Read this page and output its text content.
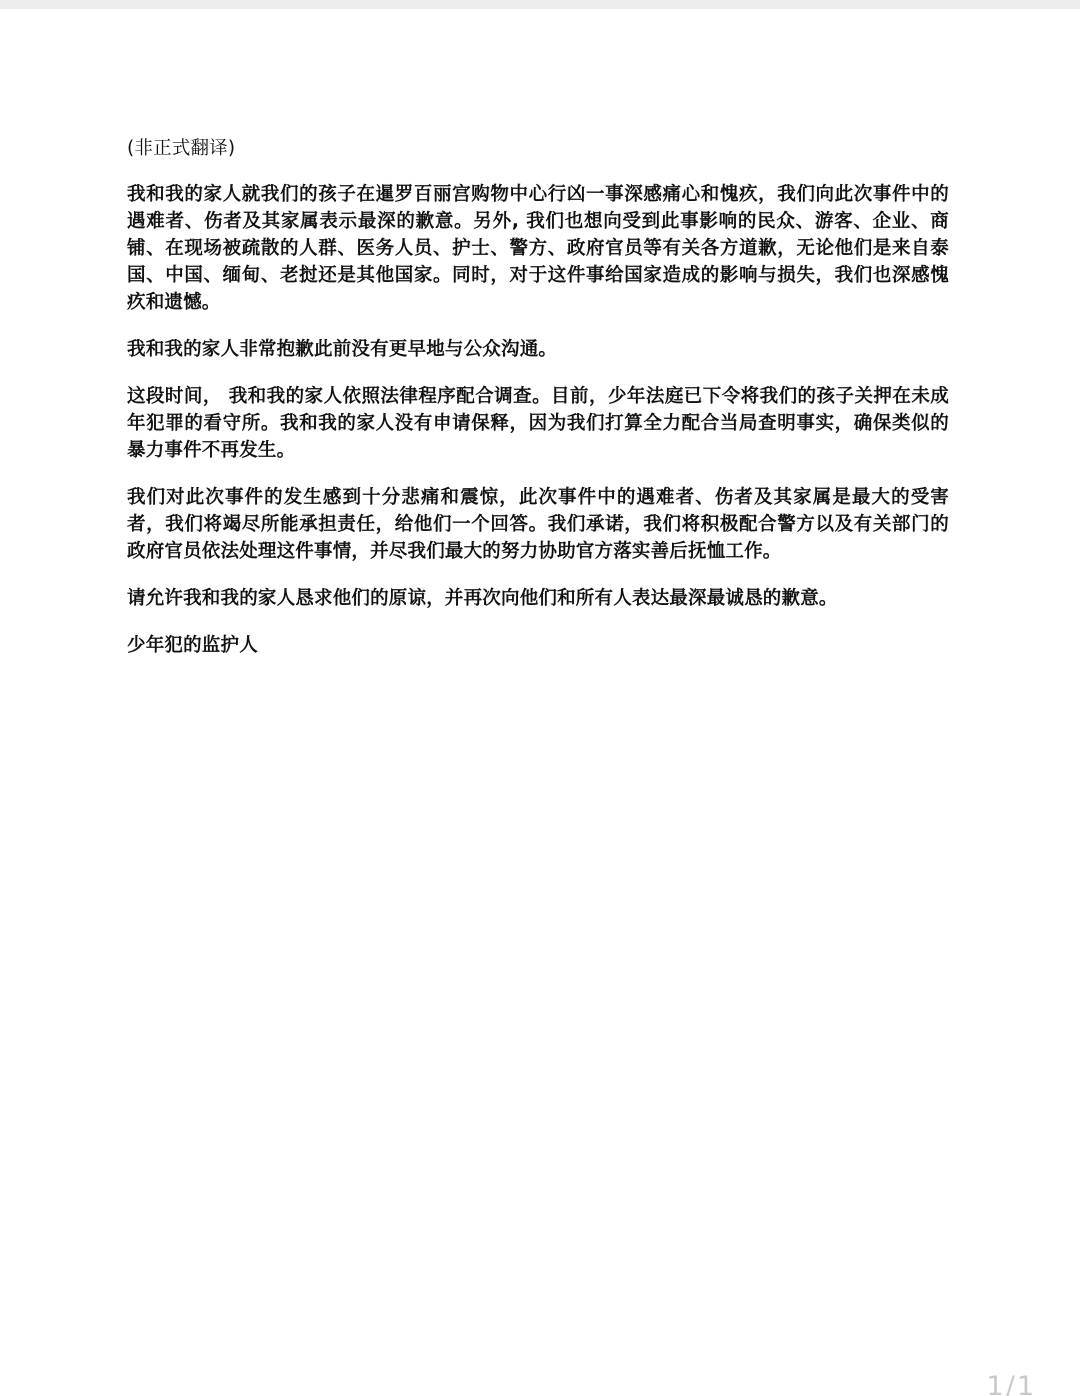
(非正式翻译)

我和我的家人就我们的孩子在暹罗百丽宫购物中心行凶一事深感痛心和愧疚，我们向此次事件中的遇难者、伤者及其家属表示最深的歉意。另外, 我们也想向受到此事影响的民众、游客、企业、商铺、在现场被疏散的人群、医务人员、护士、警方、政府官员等有关各方道歉，无论他们是来自泰国、中国、缅甸、老挝还是其他国家。同时，对于这件事给国家造成的影响与损失，我们也深感愧疚和遗憾。

我和我的家人非常抱歉此前没有更早地与公众沟通。

这段时间， 我和我的家人依照法律程序配合调查。目前，少年法庭已下令将我们的孩子关押在未成年犯罪的看守所。我和我的家人没有申请保释，因为我们打算全力配合当局查明事实，确保类似的暴力事件不再发生。

我们对此次事件的发生感到十分悲痛和震惊，此次事件中的遇难者、伤者及其家属是最大的受害者，我们将竭尽所能承担责任，给他们一个回答。我们承诺，我们将积极配合警方以及有关部门的政府官员依法处理这件事情，并尽我们最大的努力协助官方落实善后抚恤工作。

请允许我和我的家人恳求他们的原谅，并再次向他们和所有人表达最深最诚恳的歉意。

少年犯的监护人

1/1
